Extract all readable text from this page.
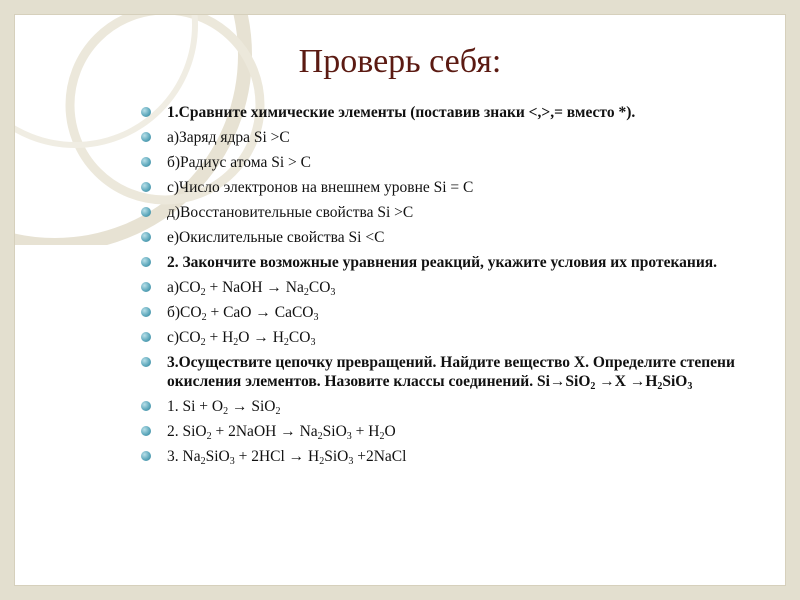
Проверь себя:
1.Сравните химические элементы (поставив знаки <,>,= вместо *).
а)Заряд ядра Si >C
б)Радиус атома Si > C
с)Число электронов на внешнем уровне Si = C
д)Восстановительные свойства Si >C
е)Окислительные свойства Si <C
2. Закончите возможные уравнения реакций, укажите условия их протекания.
$а)CO_2$ + NaOH → $Na_2CO_3$
$б)CO_2$ + CaO → CaCO$_3$
$с)CO_2 + H_2O \to H_2CO_3$
3.Осуществите цепочку превращений. Найдите вещество X. Определите степени окисления элементов. Назовите классы соединений. $Si\to SiO_2 \to X \to H_2SiO_3$
1. $Si + O_2 \to SiO_2$
2. SiO$_2$ + 2NaOH → $Na_2SiO_3 + H_2O$
3. $Na_2SiO_3 + 2HCl \to H_2SiO_3$ +2NaCl
